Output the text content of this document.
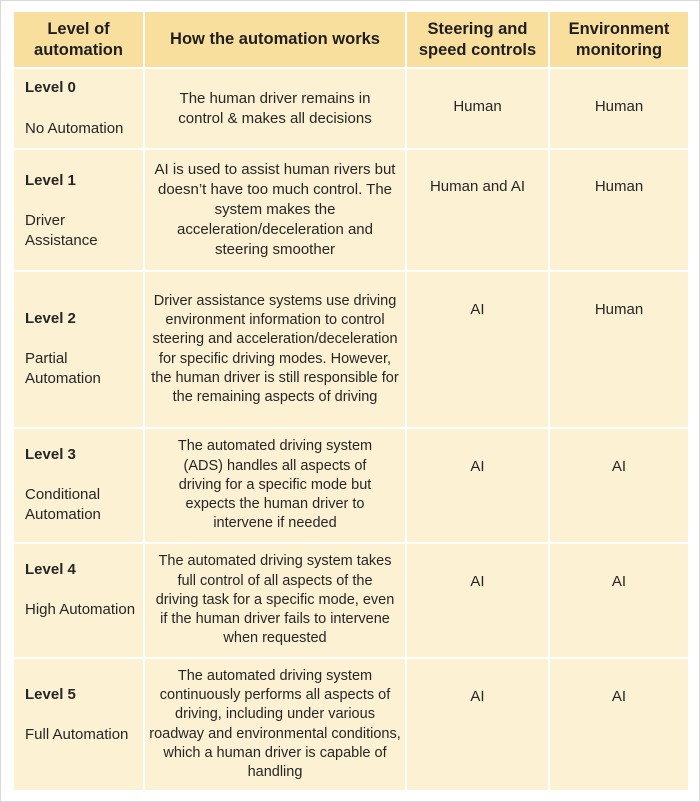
Level of automation	How the automation works	Steering and speed controls	Environment monitoring

Level 0
No Automation	The human driver remains in control & makes all decisions	Human	Human

Level 1
Driver Assistance	AI is used to assist human rivers but doesn’t have too much control. The system makes the acceleration/deceleration and steering smoother	Human and AI	Human

Level 2
Partial Automation	Driver assistance systems use driving environment information to control steering and acceleration/deceleration for specific driving modes. However, the human driver is still responsible for the remaining aspects of driving	AI	Human

Level 3
Conditional Automation	The automated driving system (ADS) handles all aspects of driving for a specific mode but expects the human driver to intervene if needed	AI	AI

Level 4
High Automation	The automated driving system takes full control of all aspects of the driving task for a specific mode, even if the human driver fails to intervene when requested	AI	AI

Level 5
Full Automation	The automated driving system continuously performs all aspects of driving, including under various roadway and environmental conditions, which a human driver is capable of handling	AI	AI
